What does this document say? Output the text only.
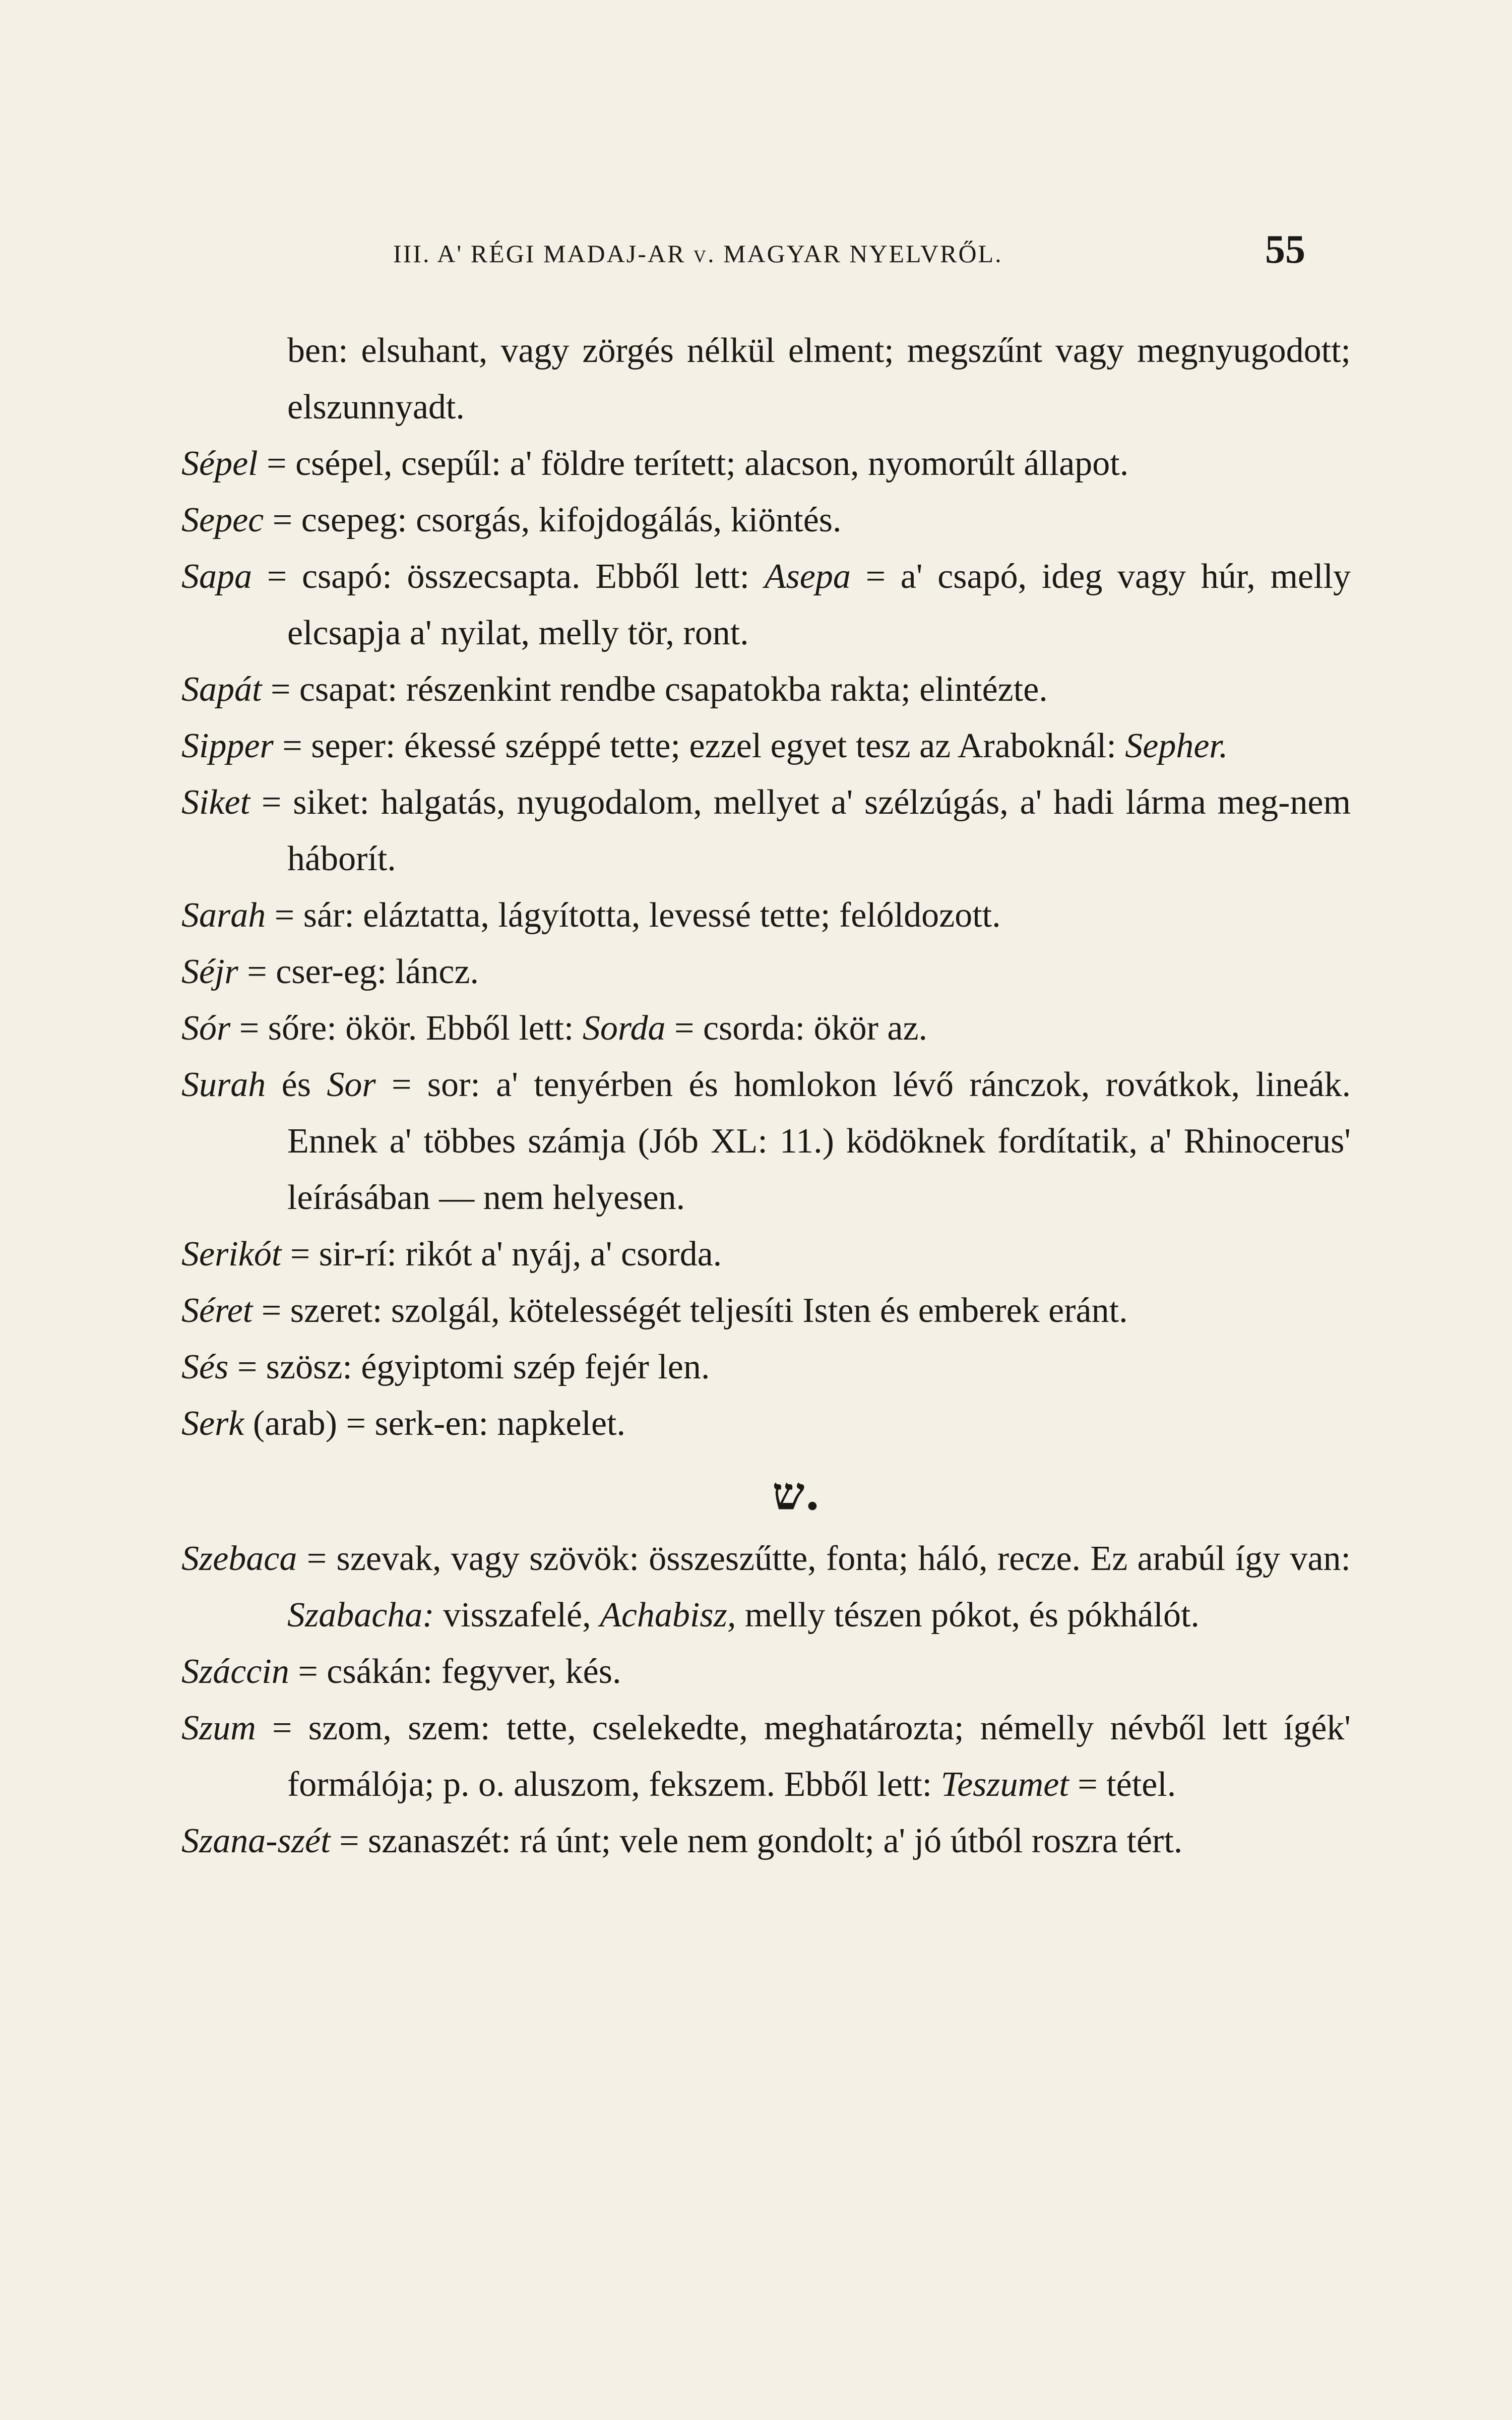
III. A' RÉGI MADAJ-AR v. MAGYAR NYELVRŐL.	55

ben: elsuhant, vagy zörgés nélkül elment; megszűnt vagy megnyugodott; elszunnyadt.

Sépel = csépel, csepűl: a' földre terített; alacson, nyomorúlt állapot.

Sepec = csepeg: csorgás, kifojdogálás, kiöntés.

Sapa = csapó: összecsapta. Ebből lett: Asepa = a' csapó, ideg vagy húr, melly elcsapja a' nyilat, melly tör, ront.

Sapát = csapat: részenkint rendbe csapatokba rakta; elintézte.

Sipper = seper: ékessé széppé tette; ezzel egyet tesz az Araboknál: Sepher.

Siket = siket: halgatás, nyugodalom, mellyet a' szélzúgás, a' hadi lárma meg-nem háborít.

Sarah = sár: eláztatta, lágyította, levessé tette; felóldozott.

Séjr = cser-eg: láncz.

Sór = sőre: ökör. Ebből lett: Sorda = csorda: ökör az.

Surah és Sor = sor: a' tenyérben és homlokon lévő ránczok, rovátkok, lineák. Ennek a' többes számja (Jób XL: 11.) ködöknek fordítatik, a' Rhinocerus' leírásában — nem helyesen.

Serikót = sir-rí: rikót a' nyáj, a' csorda.

Séret = szeret: szolgál, kötelességét teljesíti Isten és emberek eránt.

Sés = szösz: égyiptomi szép fejér len.

Serk (arab) = serk-en: napkelet.

ש.

Szebaca = szevak, vagy szövök: összeszűtte, fonta; háló, recze. Ez arabúl így van: Szabacha: visszafelé, Achabisz, melly tészen pókot, és pókhálót.

Száccin = csákán: fegyver, kés.

Szum = szom, szem: tette, cselekedte, meghatározta; némelly névből lett ígék' formálója; p. o. aluszom, fekszem. Ebből lett: Teszumet = tétel.

Szana-szét = szanaszét: rá únt; vele nem gondolt; a' jó útból roszra tért.
